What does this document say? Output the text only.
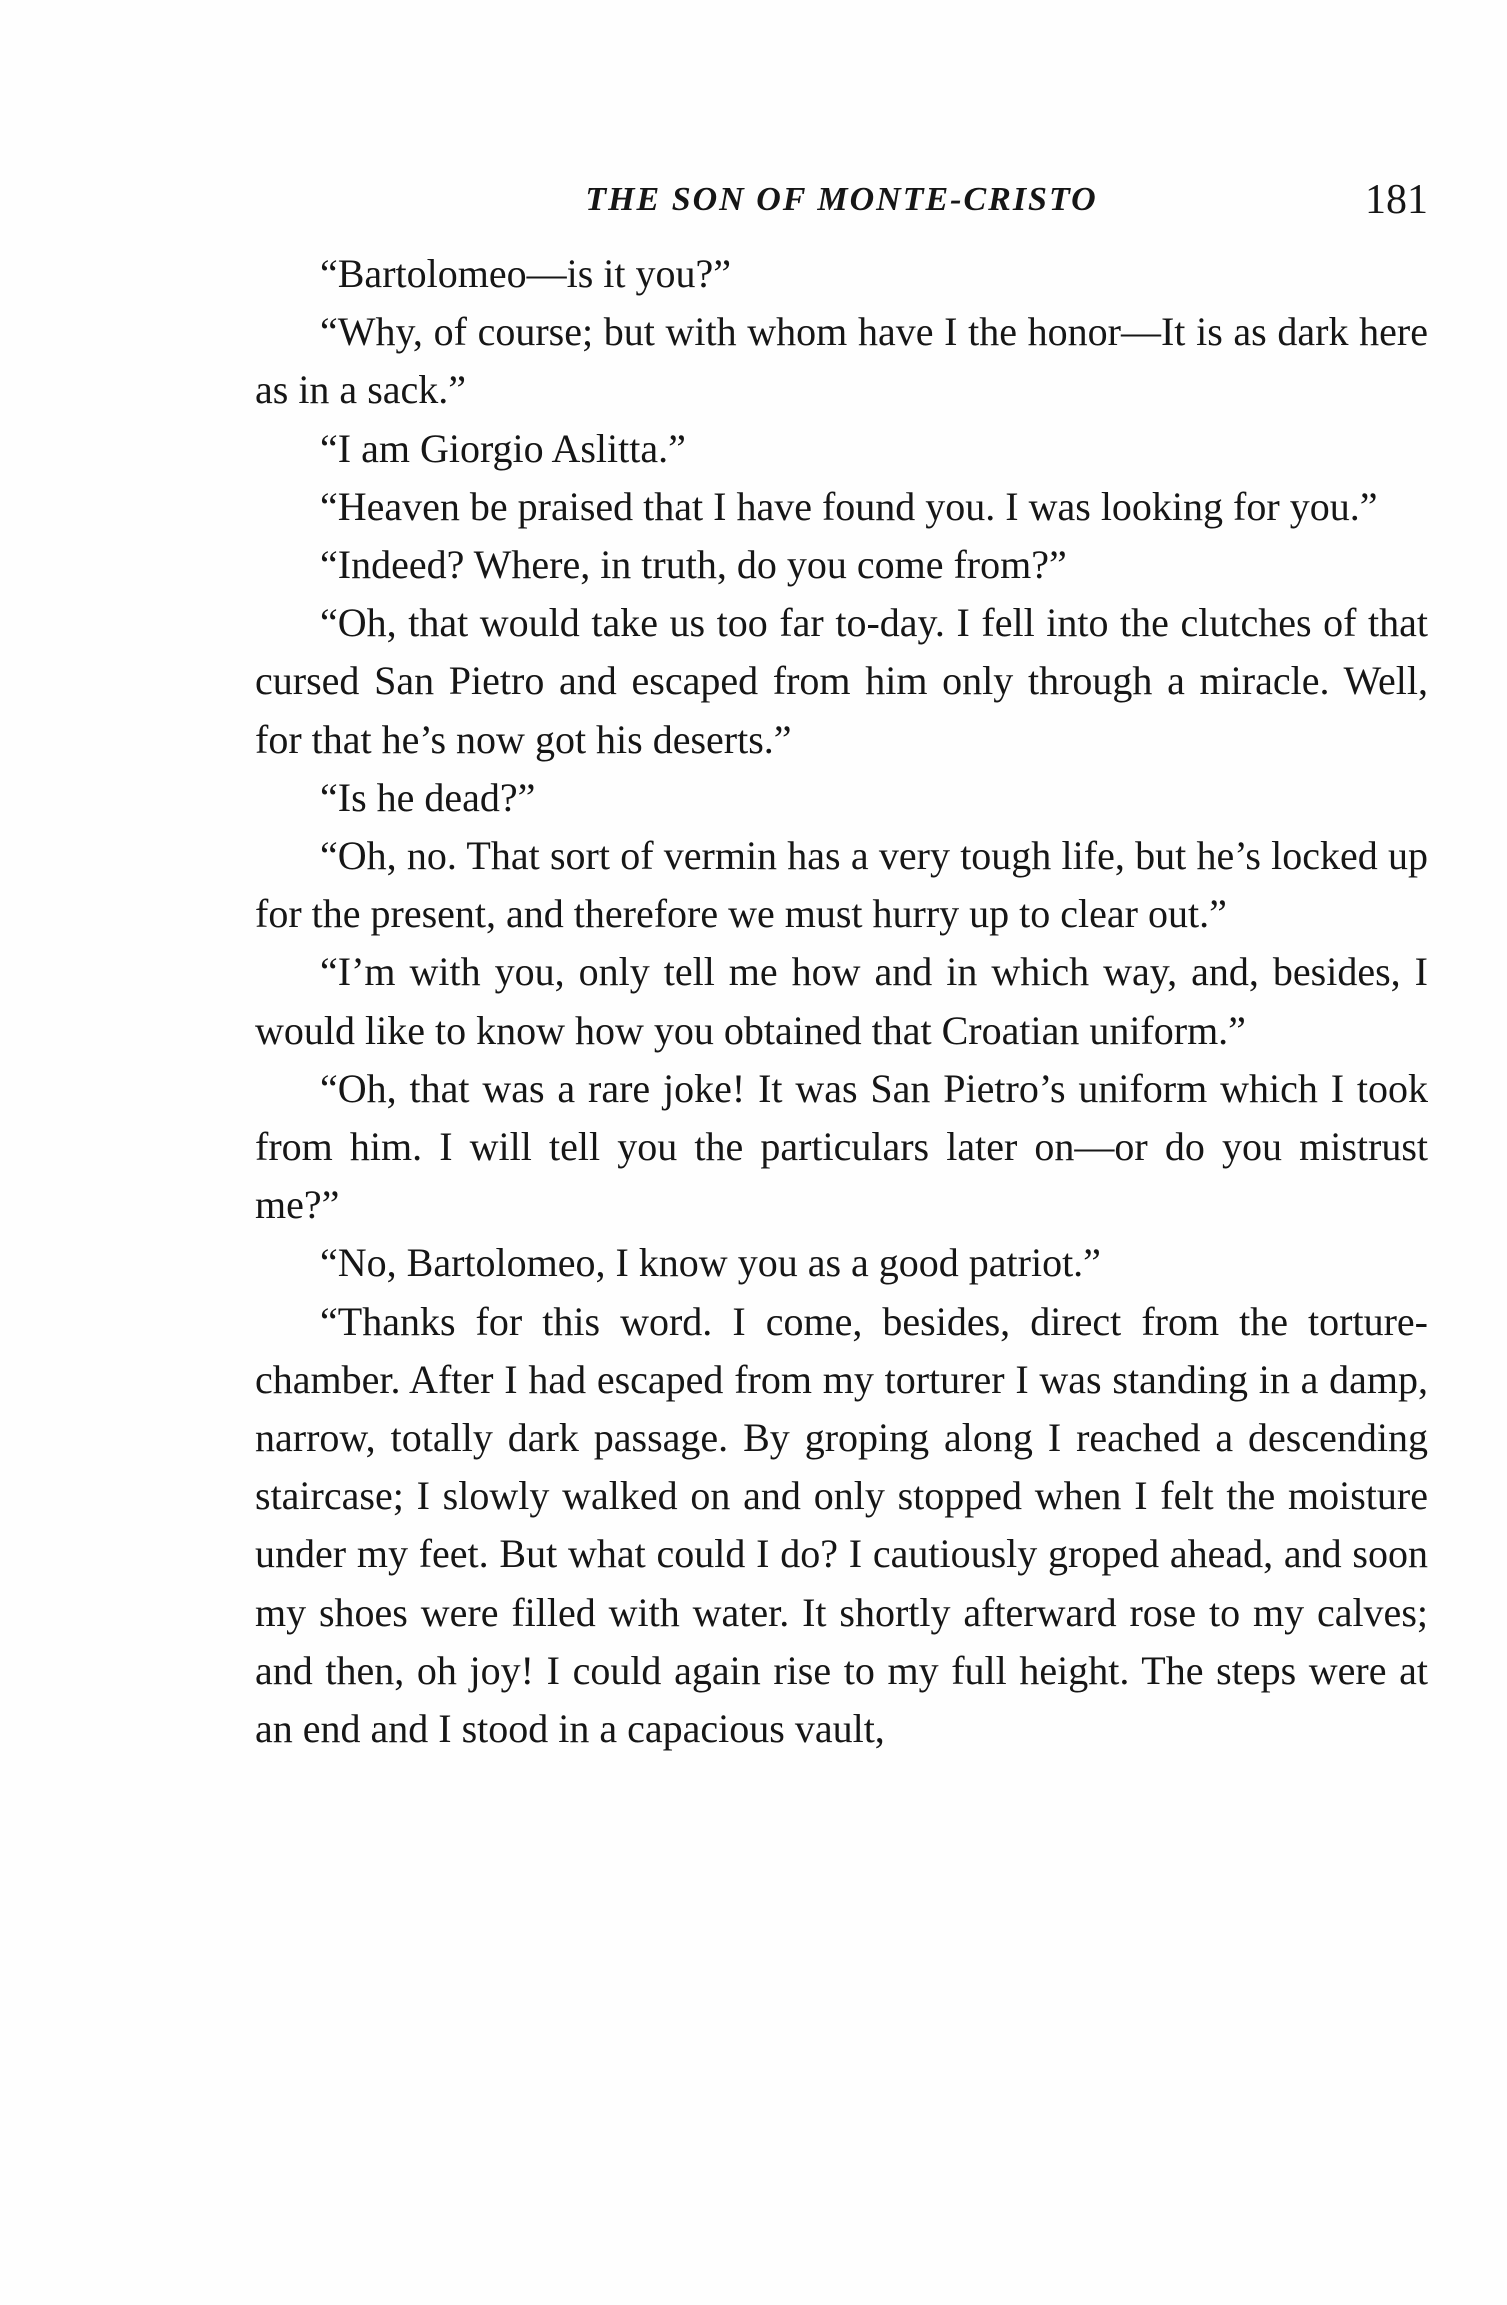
THE SON OF MONTE-CRISTO	181

“Bartolomeo—is it you?”

“Why, of course; but with whom have I the honor—It is as dark here as in a sack.”

“I am Giorgio Aslitta.”

“Heaven be praised that I have found you. I was looking for you.”

“Indeed? Where, in truth, do you come from?”

“Oh, that would take us too far to-day. I fell into the clutches of that cursed San Pietro and escaped from him only through a miracle. Well, for that he’s now got his deserts.”

“Is he dead?”

“Oh, no. That sort of vermin has a very tough life, but he’s locked up for the present, and therefore we must hurry up to clear out.”

“I’m with you, only tell me how and in which way, and, besides, I would like to know how you obtained that Croatian uniform.”

“Oh, that was a rare joke! It was San Pietro’s uniform which I took from him. I will tell you the particulars later on—or do you mistrust me?”

“No, Bartolomeo, I know you as a good patriot.”

“Thanks for this word. I come, besides, direct from the torture-chamber. After I had escaped from my torturer I was standing in a damp, narrow, totally dark passage. By groping along I reached a descending staircase; I slowly walked on and only stopped when I felt the moisture under my feet. But what could I do? I cautiously groped ahead, and soon my shoes were filled with water. It shortly afterward rose to my calves; and then, oh joy! I could again rise to my full height. The steps were at an end and I stood in a capacious vault,
